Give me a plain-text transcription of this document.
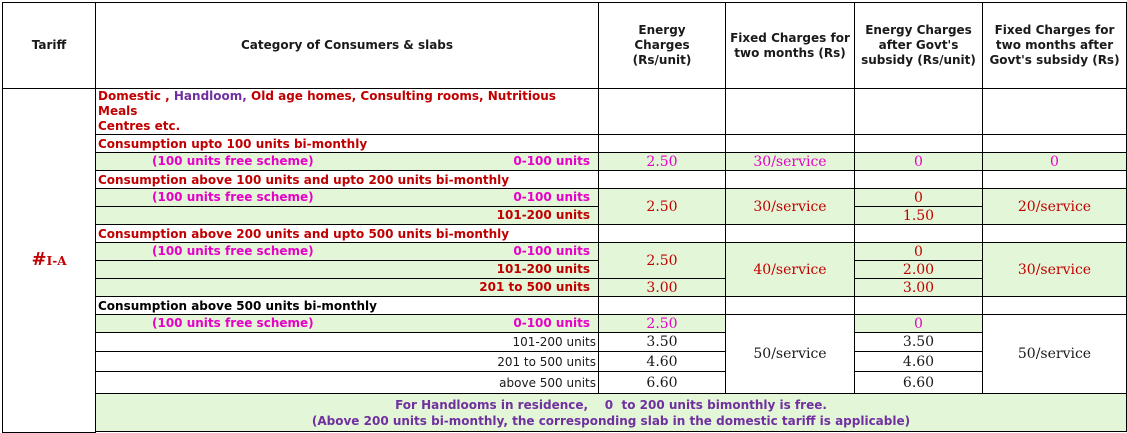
Tariff	Category of Consumers & slabs	Energy Charges (Rs/unit)	Fixed Charges for two months (Rs)	Energy Charges after Govt's subsidy (Rs/unit)	Fixed Charges for two months after Govt's subsidy (Rs)
#I-A	Domestic , Handloom, Old age homes, Consulting rooms, Nutritious Meals
Centres etc.				
	Consumption upto 100 units bi-monthly				

	(100 units free scheme) 0-100 units	2.50	30/service	0	0
	Consumption above 100 units and upto 200 units bi-monthly				

	(100 units free scheme) 0-100 units	2.50	30/service	0	20/service

	101-200 units			1.50	
	Consumption above 200 units and upto 500 units bi-monthly				

	(100 units free scheme) 0-100 units	2.50	40/service	0	30/service

	101-200 units			2.00	

	201 to 500 units	3.00		3.00	
	Consumption above 500 units bi-monthly				

	(100 units free scheme) 0-100 units	2.50	50/service	0	50/service
	101-200 units	3.50		3.50	
	201 to 500 units	4.60		4.60	
	above 500 units	6.60		6.60	
	For Handlooms in residence,    0  to 200 units bimonthly is free.
(Above 200 units bi-monthly, the corresponding slab in the domestic tariff is applicable)				
